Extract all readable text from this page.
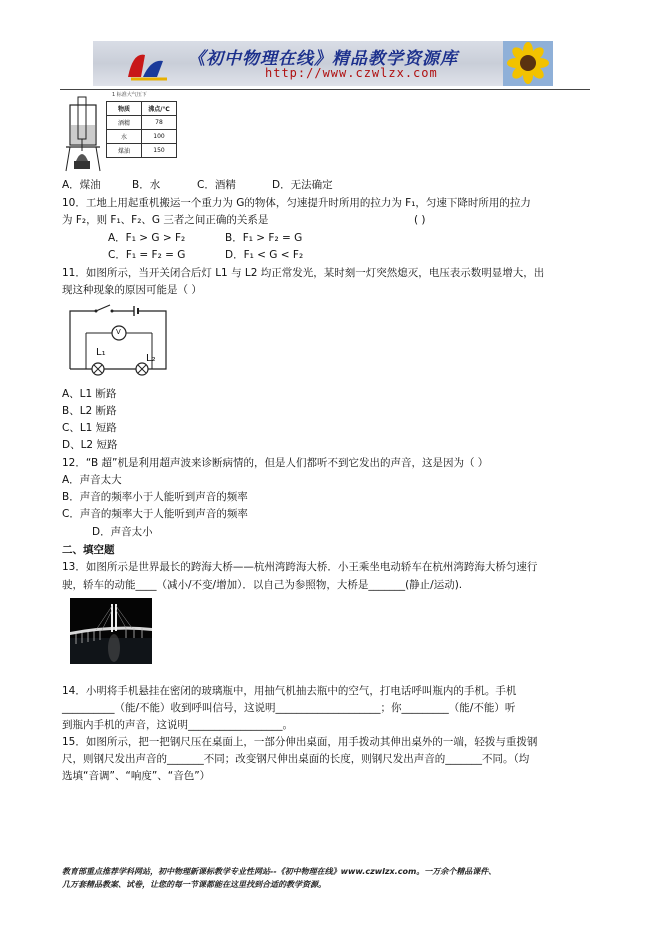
《初中物理在线》精品教学资源库
http://www.czwlzx.com
1 标准大气压下
物质	沸点/℃
酒精	78
水	100
煤油	150
A．煤油	B．水	C．酒精	D．无法确定
10．工地上用起重机搬运一个重力为 G的物体，匀速提升时所用的拉力为 F₁，匀速下降时所用的拉力
为 F₂，则 F₁、F₂、G 三者之间正确的关系是	( )
A．F₁ > G > F₂	B．F₁ > F₂ = G
C．F₁ = F₂ = G	D．F₁ < G < F₂
11．如图所示，当开关闭合后灯 L1 与 L2 均正常发光，某时刻一灯突然熄灭，电压表示数明显增大，出
现这种现象的原因可能是（ ）
V
L₁
L₂
A、L1 断路
B、L2 断路
C、L1 短路
D、L2 短路
12．“B 超”机是利用超声波来诊断病情的，但是人们都听不到它发出的声音，这是因为（ ）
A．声音太大
B．声音的频率小于人能听到声音的频率
C．声音的频率大于人能听到声音的频率
D．声音太小
二、填空题
13．如图所示是世界最长的跨海大桥——杭州湾跨海大桥．小王乘坐电动轿车在杭州湾跨海大桥匀速行
驶，轿车的动能____（减小/不变/增加）．以自己为参照物，大桥是_______(静止/运动).
14．小明将手机悬挂在密闭的玻璃瓶中，用抽气机抽去瓶中的空气，打电话呼叫瓶内的手机。手机
__________（能/不能）收到呼叫信号，这说明____________________；你_________（能/不能）听
到瓶内手机的声音，这说明__________________。
15．如图所示，把一把钢尺压在桌面上，一部分伸出桌面，用手拨动其伸出桌外的一端，轻拨与重拨钢
尺，则钢尺发出声音的_______不同；改变钢尺伸出桌面的长度，则钢尺发出声音的_______不同。（均
选填“音调”、“响度”、“音色”）
教育部重点推荐学科网站，初中物理新课标教学专业性网站--《初中物理在线》www.czwlzx.com。一万余个精品课件、
几万套精品教案、试卷，让您的每一节课都能在这里找到合适的教学资源。
